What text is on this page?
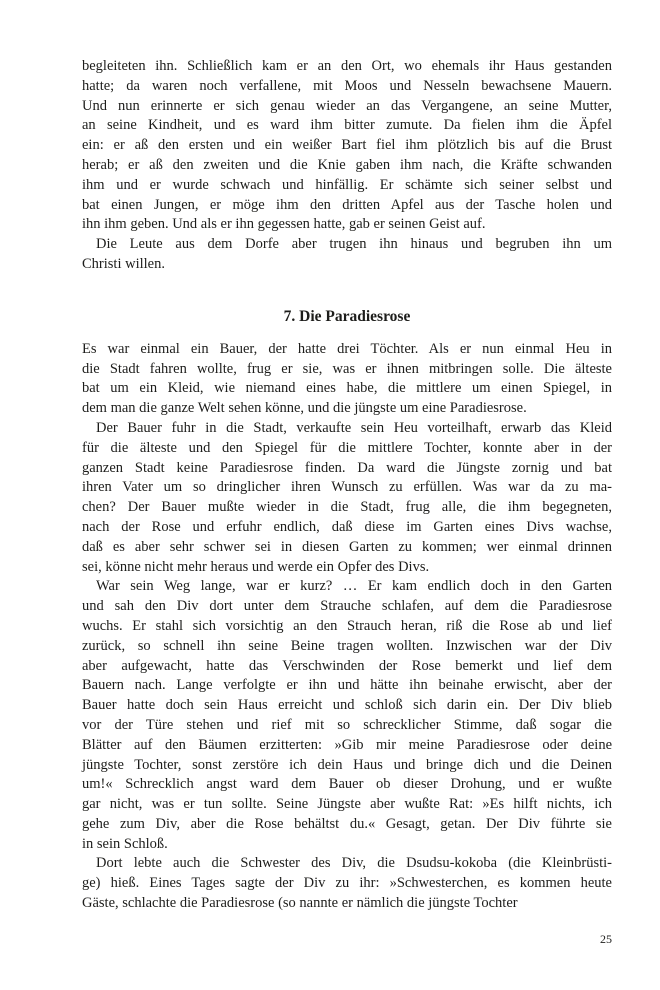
begleiteten ihn. Schließlich kam er an den Ort, wo ehemals ihr Haus gestanden
hatte; da waren noch verfallene, mit Moos und Nesseln bewachsene Mauern.
Und nun erinnerte er sich genau wieder an das Vergangene, an seine Mutter,
an seine Kindheit, und es ward ihm bitter zumute. Da fielen ihm die Äpfel
ein: er aß den ersten und ein weißer Bart fiel ihm plötzlich bis auf die Brust
herab; er aß den zweiten und die Knie gaben ihm nach, die Kräfte schwanden
ihm und er wurde schwach und hinfällig. Er schämte sich seiner selbst und
bat einen Jungen, er möge ihm den dritten Apfel aus der Tasche holen und
ihn ihm geben. Und als er ihn gegessen hatte, gab er seinen Geist auf.
Die Leute aus dem Dorfe aber trugen ihn hinaus und begruben ihn um
Christi willen.
7. Die Paradiesrose
Es war einmal ein Bauer, der hatte drei Töchter. Als er nun einmal Heu in
die Stadt fahren wollte, frug er sie, was er ihnen mitbringen solle. Die älteste
bat um ein Kleid, wie niemand eines habe, die mittlere um einen Spiegel, in
dem man die ganze Welt sehen könne, und die jüngste um eine Paradiesrose.
Der Bauer fuhr in die Stadt, verkaufte sein Heu vorteilhaft, erwarb das Kleid
für die älteste und den Spiegel für die mittlere Tochter, konnte aber in der
ganzen Stadt keine Paradiesrose finden. Da ward die Jüngste zornig und bat
ihren Vater um so dringlicher ihren Wunsch zu erfüllen. Was war da zu ma-
chen? Der Bauer mußte wieder in die Stadt, frug alle, die ihm begegneten,
nach der Rose und erfuhr endlich, daß diese im Garten eines Divs wachse,
daß es aber sehr schwer sei in diesen Garten zu kommen; wer einmal drinnen
sei, könne nicht mehr heraus und werde ein Opfer des Divs.
War sein Weg lange, war er kurz? … Er kam endlich doch in den Garten
und sah den Div dort unter dem Strauche schlafen, auf dem die Paradiesrose
wuchs. Er stahl sich vorsichtig an den Strauch heran, riß die Rose ab und lief
zurück, so schnell ihn seine Beine tragen wollten. Inzwischen war der Div
aber aufgewacht, hatte das Verschwinden der Rose bemerkt und lief dem
Bauern nach. Lange verfolgte er ihn und hätte ihn beinahe erwischt, aber der
Bauer hatte doch sein Haus erreicht und schloß sich darin ein. Der Div blieb
vor der Türe stehen und rief mit so schrecklicher Stimme, daß sogar die
Blätter auf den Bäumen erzitterten: »Gib mir meine Paradiesrose oder deine
jüngste Tochter, sonst zerstöre ich dein Haus und bringe dich und die Deinen
um!« Schrecklich angst ward dem Bauer ob dieser Drohung, und er wußte
gar nicht, was er tun sollte. Seine Jüngste aber wußte Rat: »Es hilft nichts, ich
gehe zum Div, aber die Rose behältst du.« Gesagt, getan. Der Div führte sie
in sein Schloß.
Dort lebte auch die Schwester des Div, die Dsudsu-kokoba (die Kleinbrüsti-
ge) hieß. Eines Tages sagte der Div zu ihr: »Schwesterchen, es kommen heute
Gäste, schlachte die Paradiesrose (so nannte er nämlich die jüngste Tochter
25
